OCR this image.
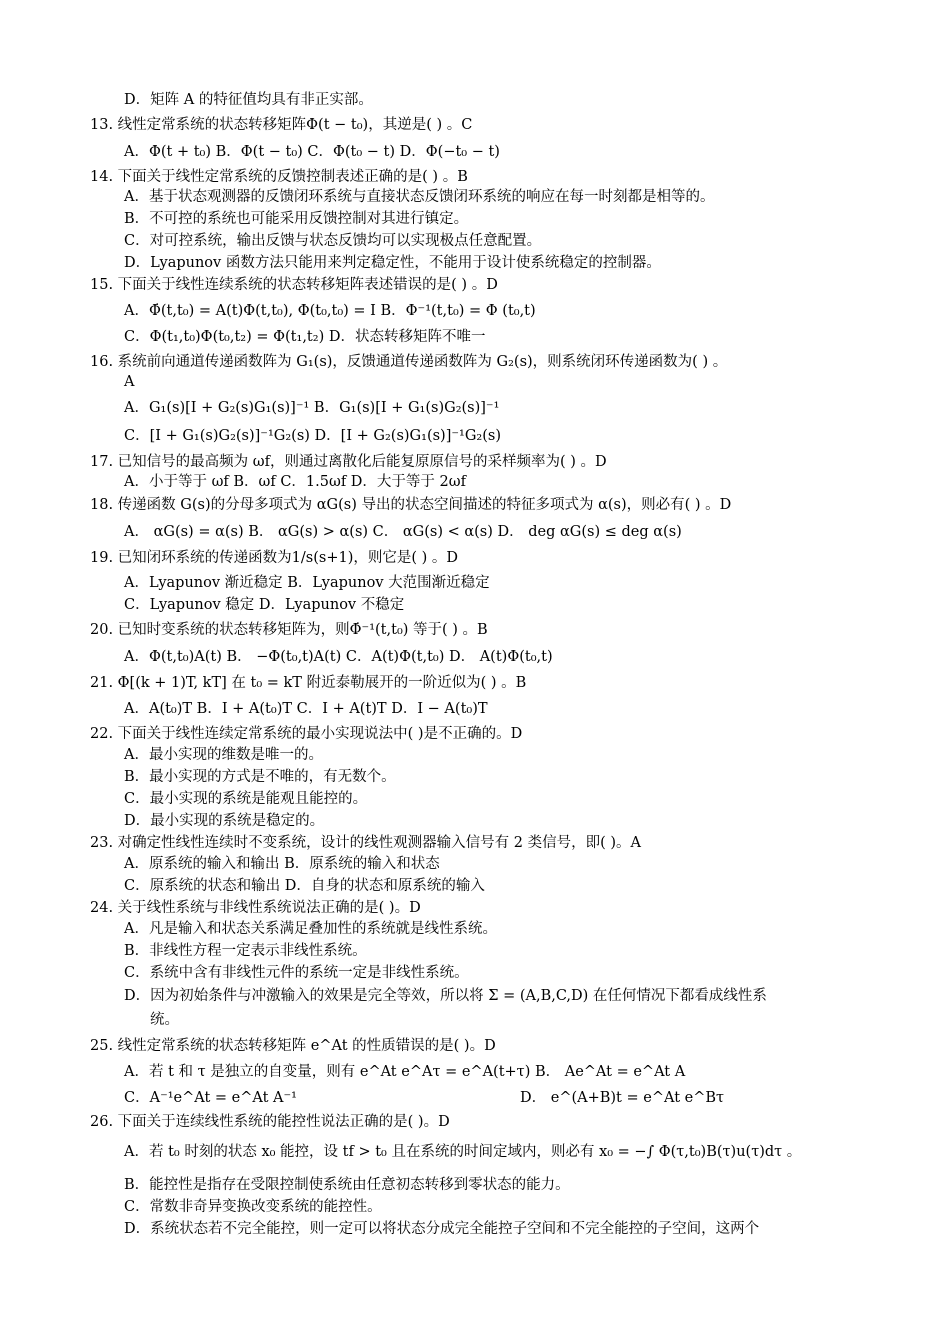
D．矩阵 A 的特征值均具有非正实部。
13. 线性定常系统的状态转移矩阵Φ(t − t₀)，其逆是( ) 。C
A．Φ(t + t₀) B．Φ(t − t₀) C．Φ(t₀ − t) D．Φ(−t₀ − t)
14. 下面关于线性定常系统的反馈控制表述正确的是( ) 。B
A．基于状态观测器的反馈闭环系统与直接状态反馈闭环系统的响应在每一时刻都是相等的。
B．不可控的系统也可能采用反馈控制对其进行镇定。
C．对可控系统，输出反馈与状态反馈均可以实现极点任意配置。
D．Lyapunov 函数方法只能用来判定稳定性，不能用于设计使系统稳定的控制器。
15. 下面关于线性连续系统的状态转移矩阵表述错误的是( ) 。D
A．Φ̇(t,t₀) = A(t)Φ(t,t₀), Φ(t₀,t₀) = I B．Φ⁻¹(t,t₀) = Φ (t₀,t)
C．Φ(t₁,t₀)Φ(t₀,t₂) = Φ(t₁,t₂) D．状态转移矩阵不唯一
16. 系统前向通道传递函数阵为 G₁(s)，反馈通道传递函数阵为 G₂(s)，则系统闭环传递函数为( ) 。
A
A．G₁(s)[I + G₂(s)G₁(s)]⁻¹ B．G₁(s)[I + G₁(s)G₂(s)]⁻¹
C．[I + G₁(s)G₂(s)]⁻¹G₂(s) D．[I + G₂(s)G₁(s)]⁻¹G₂(s)
17. 已知信号的最高频为 ωf，则通过离散化后能复原原信号的采样频率为( ) 。D
A．小于等于 ωf B．ωf C．1.5ωf D．大于等于 2ωf
18. 传递函数 G(s)的分母多项式为 αG(s) 导出的状态空间描述的特征多项式为 α(s)，则必有( ) 。D
A． αG(s) = α(s) B． αG(s) > α(s) C． αG(s) < α(s) D． deg αG(s) ≤ deg α(s)
19. 已知闭环系统的传递函数为1/s(s+1)，则它是( ) 。D
A．Lyapunov 渐近稳定 B．Lyapunov 大范围渐近稳定
C．Lyapunov 稳定 D．Lyapunov 不稳定
20. 已知时变系统的状态转移矩阵为，则Φ̇⁻¹(t,t₀) 等于( ) 。B
A．Φ(t,t₀)A(t) B． −Φ(t₀,t)A(t) C．A(t)Φ(t,t₀) D． A(t)Φ(t₀,t)
21. Φ[(k + 1)T, kT] 在 t₀ = kT 附近泰勒展开的一阶近似为( ) 。B
A．A(t₀)T B．I + A(t₀)T C．I + A(t)T D．I − A(t₀)T
22. 下面关于线性连续定常系统的最小实现说法中( )是不正确的。D
A．最小实现的维数是唯一的。
B．最小实现的方式是不唯的，有无数个。
C．最小实现的系统是能观且能控的。
D．最小实现的系统是稳定的。
23. 对确定性线性连续时不变系统，设计的线性观测器输入信号有 2 类信号，即( )。A
A．原系统的输入和输出 B．原系统的输入和状态
C．原系统的状态和输出 D．自身的状态和原系统的输入
24. 关于线性系统与非线性系统说法正确的是( )。D
A．凡是输入和状态关系满足叠加性的系统就是线性系统。
B．非线性方程一定表示非线性系统。
C．系统中含有非线性元件的系统一定是非线性系统。
D．因为初始条件与冲激输入的效果是完全等效，所以将 Σ = (A,B,C,D) 在任何情况下都看成线性系
统。
25. 线性定常系统的状态转移矩阵 e^At 的性质错误的是( )。D
A．若 t 和 τ 是独立的自变量，则有 e^At e^Aτ = e^A(t+τ) B． Ae^At = e^At A
C．A⁻¹e^At = e^At A⁻¹	D． e^(A+B)t = e^At e^Bτ
26. 下面关于连续线性系统的能控性说法正确的是( )。D
A．若 t₀ 时刻的状态 x₀ 能控，设 tf > t₀ 且在系统的时间定域内，则必有 x₀ = −∫ Φ(τ,t₀)B(τ)u(τ)dτ 。
B．能控性是指存在受限控制使系统由任意初态转移到零状态的能力。
C．常数非奇异变换改变系统的能控性。
D．系统状态若不完全能控，则一定可以将状态分成完全能控子空间和不完全能控的子空间，这两个
